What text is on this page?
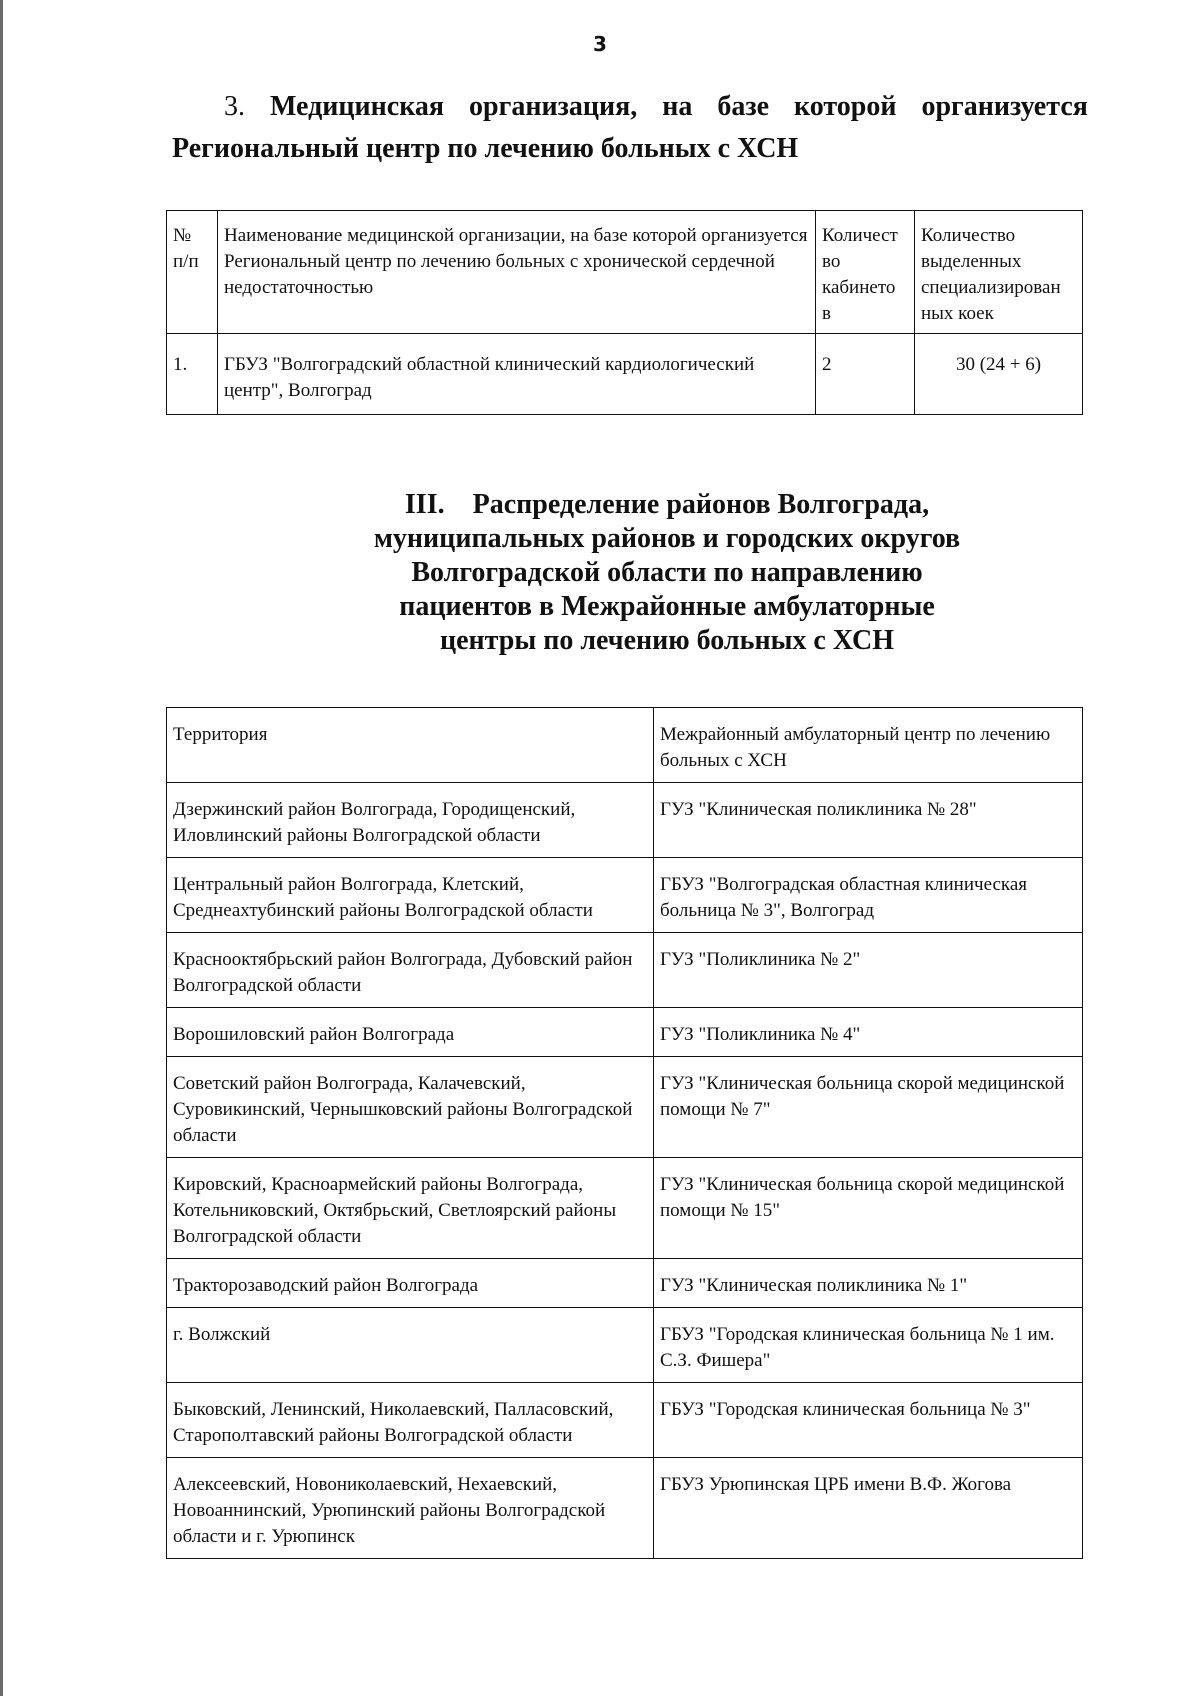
3
3. Медицинская организация, на базе которой организуется
Региональный центр по лечению больных с ХСН
№ п/п	Наименование медицинской организации, на базе которой организуется Региональный центр по лечению больных с хронической сердечной недостаточностью	Количест во кабинето в	Количество выделенных специализирован ных коек
1.	ГБУЗ "Волгоградский областной клинический кардиологический центр", Волгоград	2	30 (24 + 6)
III. Распределение районов Волгограда,
муниципальных районов и городских округов
Волгоградской области по направлению
пациентов в Межрайонные амбулаторные
центры по лечению больных с ХСН
Территория	Межрайонный амбулаторный центр по лечению больных с ХСН
Дзержинский район Волгограда, Городищенский, Иловлинский районы Волгоградской области	ГУЗ "Клиническая поликлиника № 28"
Центральный район Волгограда, Клетский, Среднеахтубинский районы Волгоградской области	ГБУЗ "Волгоградская областная клиническая больница № 3", Волгоград
Краснооктябрьский район Волгограда, Дубовский район Волгоградской области	ГУЗ "Поликлиника № 2"
Ворошиловский район Волгограда	ГУЗ "Поликлиника № 4"
Советский район Волгограда, Калачевский, Суровикинский, Чернышковский районы Волгоградской области	ГУЗ "Клиническая больница скорой медицинской помощи № 7"
Кировский, Красноармейский районы Волгограда, Котельниковский, Октябрьский, Светлоярский районы Волгоградской области	ГУЗ "Клиническая больница скорой медицинской помощи № 15"
Тракторозаводский район Волгограда	ГУЗ "Клиническая поликлиника № 1"
г. Волжский	ГБУЗ "Городская клиническая больница № 1 им. С.З. Фишера"
Быковский, Ленинский, Николаевский, Палласовский, Старополтавский районы Волгоградской области	ГБУЗ "Городская клиническая больница № 3"
Алексеевский, Новониколаевский, Нехаевский, Новоаннинский, Урюпинский районы Волгоградской области и г. Урюпинск	ГБУЗ Урюпинская ЦРБ имени В.Ф. Жогова
